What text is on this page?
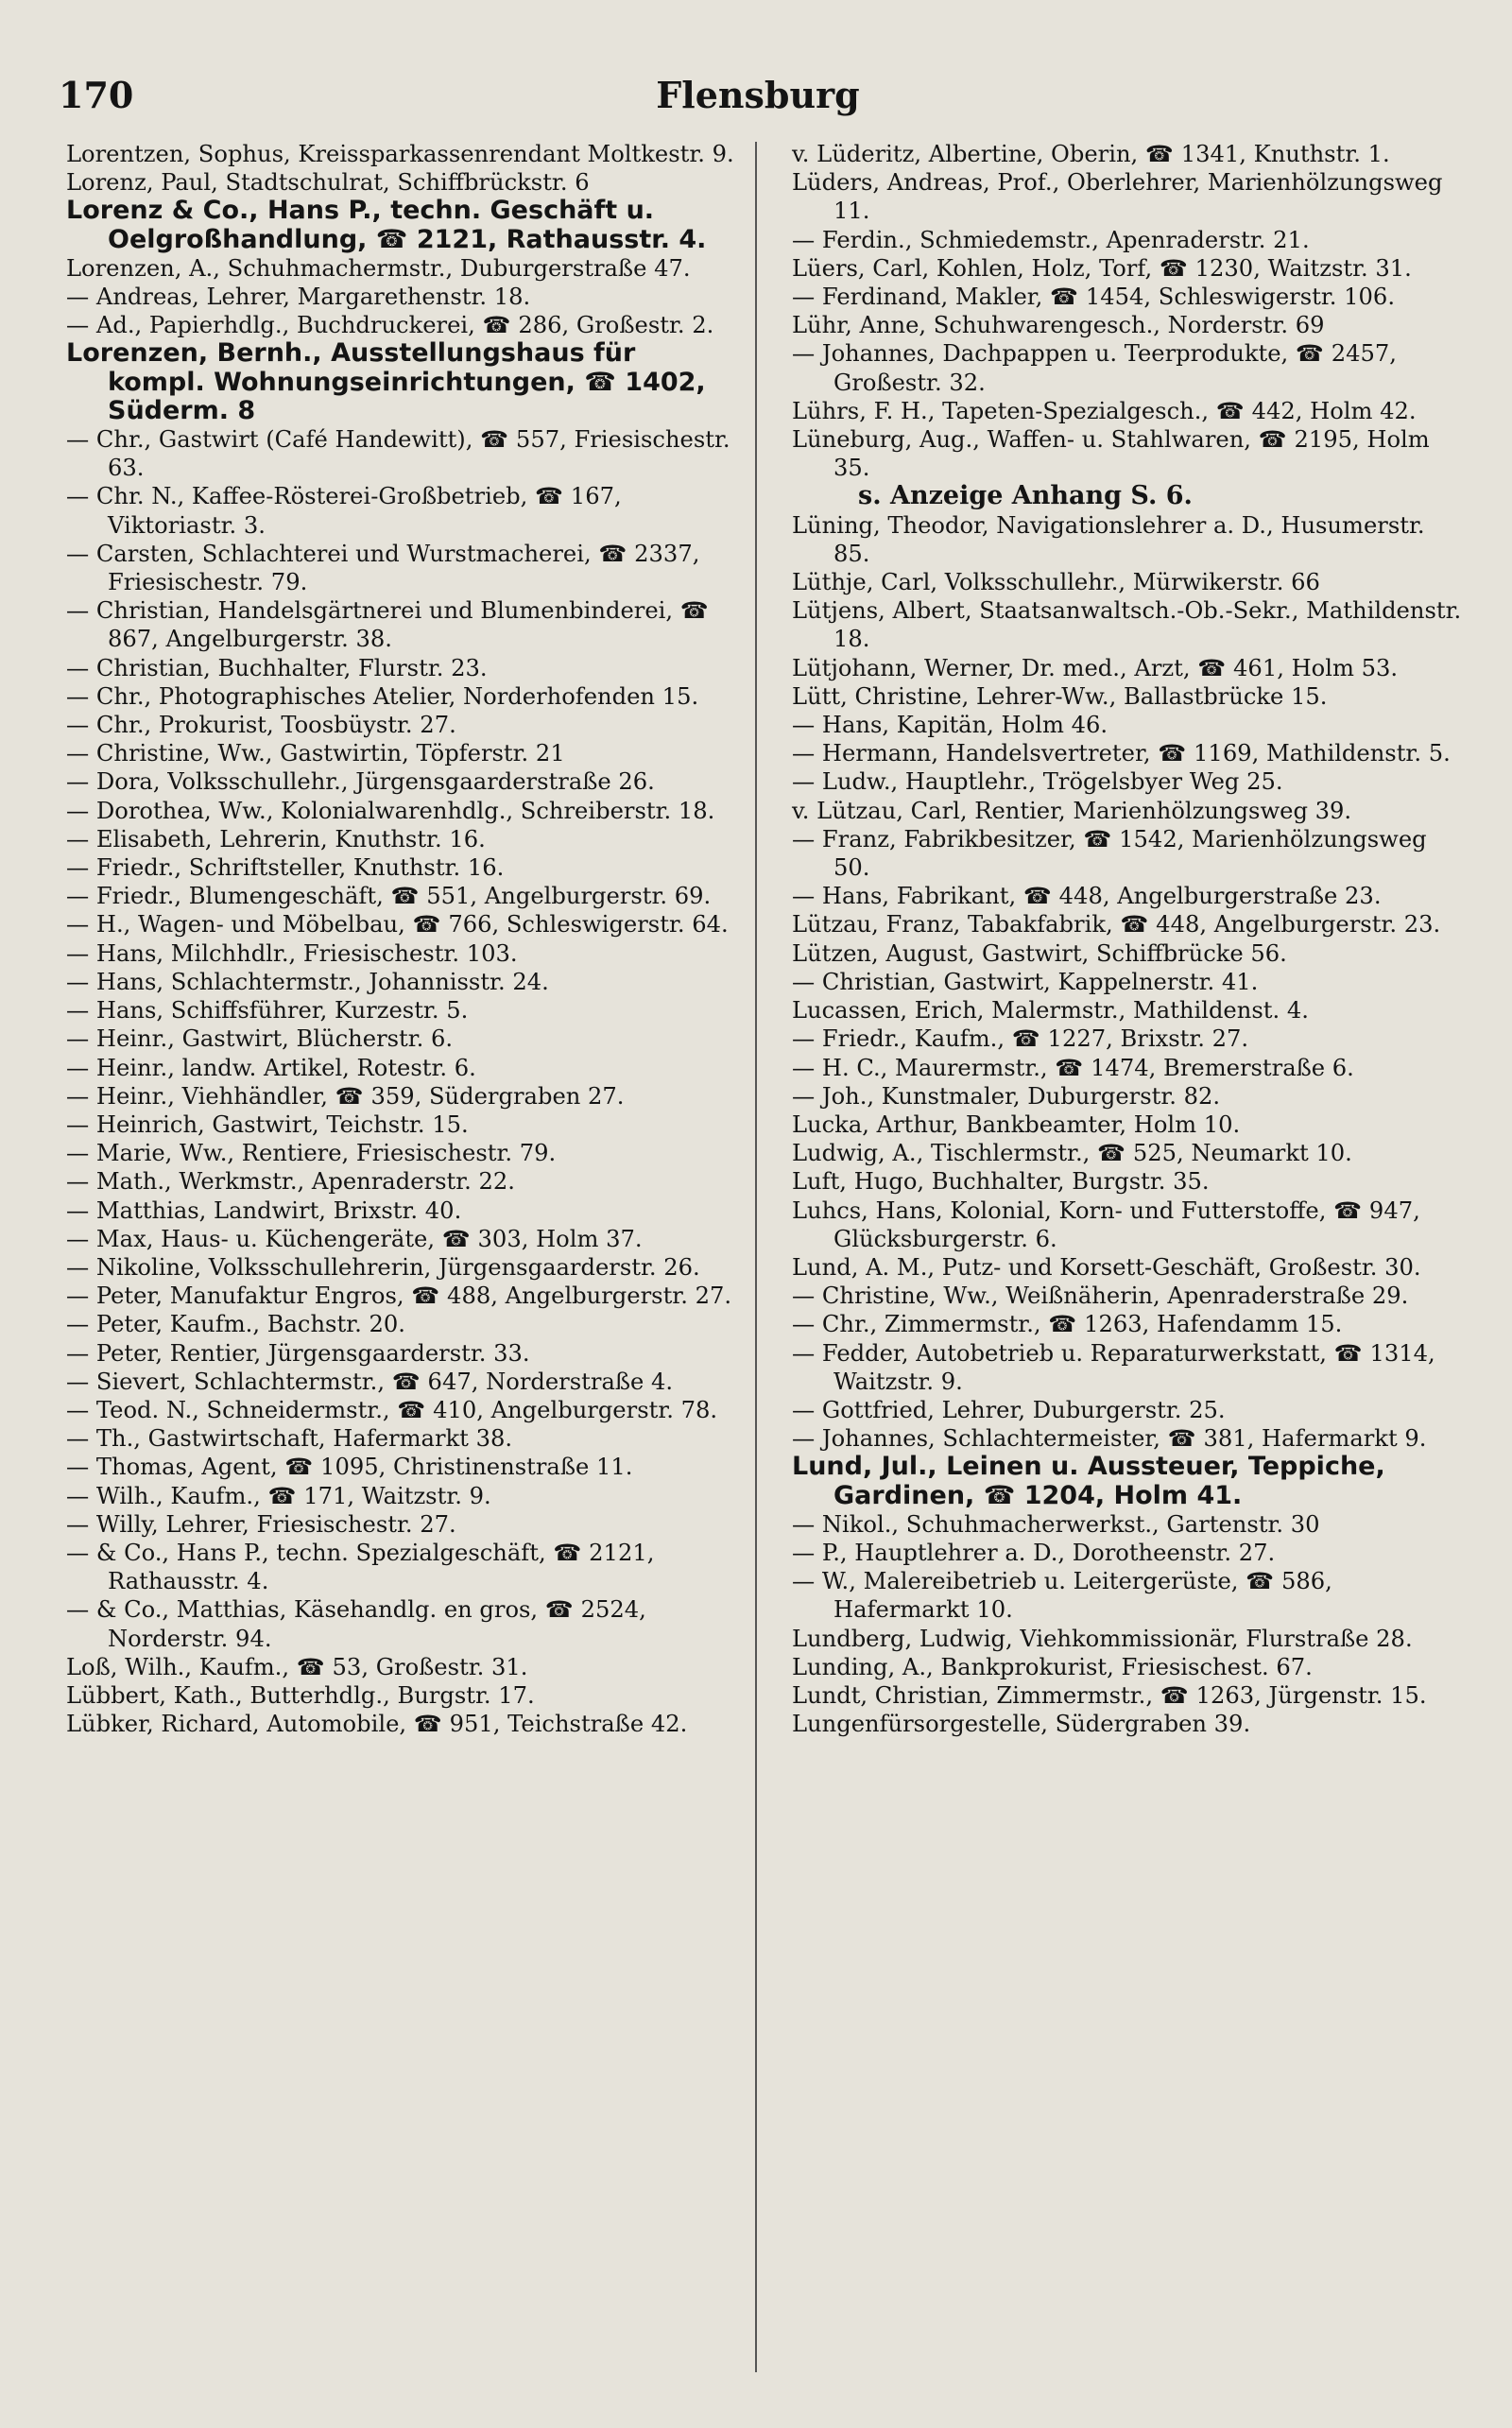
170	Flensburg
Lorentzen, Sophus, Kreissparkassenrendant Moltkestr. 9.
Lorenz, Paul, Stadtschulrat, Schiffbrückstr. 6
Lorenz & Co., Hans P., techn. Geschäft u. Oelgroßhandlung, ☎ 2121, Rathausstr. 4.
Lorenzen, A., Schuhmachermstr., Duburgerstraße 47.
— Andreas, Lehrer, Margarethenstr. 18.
— Ad., Papierhdlg., Buchdruckerei, ☎ 286, Großestr. 2.
Lorenzen, Bernh., Ausstellungshaus für kompl. Wohnungseinrichtungen, ☎ 1402, Süderm. 8
— Chr., Gastwirt (Café Handewitt), ☎ 557, Friesischestr. 63.
— Chr. N., Kaffee-Rösterei-Großbetrieb, ☎ 167, Viktoriastr. 3.
— Carsten, Schlachterei und Wurstmacherei, ☎ 2337, Friesischestr. 79.
— Christian, Handelsgärtnerei und Blumenbinderei, ☎ 867, Angelburgerstr. 38.
— Christian, Buchhalter, Flurstr. 23.
— Chr., Photographisches Atelier, Norderhofenden 15.
— Chr., Prokurist, Toosbüystr. 27.
— Christine, Ww., Gastwirtin, Töpferstr. 21
— Dora, Volksschullehr., Jürgensgaarderstraße 26.
— Dorothea, Ww., Kolonialwarenhdlg., Schreiberstr. 18.
— Elisabeth, Lehrerin, Knuthstr. 16.
— Friedr., Schriftsteller, Knuthstr. 16.
— Friedr., Blumengeschäft, ☎ 551, Angelburgerstr. 69.
— H., Wagen- und Möbelbau, ☎ 766, Schleswigerstr. 64.
— Hans, Milchhdlr., Friesischestr. 103.
— Hans, Schlachtermstr., Johannisstr. 24.
— Hans, Schiffsführer, Kurzestr. 5.
— Heinr., Gastwirt, Blücherstr. 6.
— Heinr., landw. Artikel, Rotestr. 6.
— Heinr., Viehhändler, ☎ 359, Südergraben 27.
— Heinrich, Gastwirt, Teichstr. 15.
— Marie, Ww., Rentiere, Friesischestr. 79.
— Math., Werkmstr., Apenraderstr. 22.
— Matthias, Landwirt, Brixstr. 40.
— Max, Haus- u. Küchengeräte, ☎ 303, Holm 37.
— Nikoline, Volksschullehrerin, Jürgensgaarderstr. 26.
— Peter, Manufaktur Engros, ☎ 488, Angelburgerstr. 27.
— Peter, Kaufm., Bachstr. 20.
— Peter, Rentier, Jürgensgaarderstr. 33.
— Sievert, Schlachtermstr., ☎ 647, Norderstraße 4.
— Teod. N., Schneidermstr., ☎ 410, Angelburgerstr. 78.
— Th., Gastwirtschaft, Hafermarkt 38.
— Thomas, Agent, ☎ 1095, Christinenstraße 11.
— Wilh., Kaufm., ☎ 171, Waitzstr. 9.
— Willy, Lehrer, Friesischestr. 27.
— & Co., Hans P., techn. Spezialgeschäft, ☎ 2121, Rathausstr. 4.
— & Co., Matthias, Käsehandlg. en gros, ☎ 2524, Norderstr. 94.
Loß, Wilh., Kaufm., ☎ 53, Großestr. 31.
Lübbert, Kath., Butterhdlg., Burgstr. 17.
Lübker, Richard, Automobile, ☎ 951, Teichstraße 42.
v. Lüderitz, Albertine, Oberin, ☎ 1341, Knuthstr. 1.
Lüders, Andreas, Prof., Oberlehrer, Marienhölzungsweg 11.
— Ferdin., Schmiedemstr., Apenraderstr. 21.
Lüers, Carl, Kohlen, Holz, Torf, ☎ 1230, Waitzstr. 31.
— Ferdinand, Makler, ☎ 1454, Schleswigerstr. 106.
Lühr, Anne, Schuhwarengesch., Norderstr. 69
— Johannes, Dachpappen u. Teerprodukte, ☎ 2457, Großestr. 32.
Lührs, F. H., Tapeten-Spezialgesch., ☎ 442, Holm 42.
Lüneburg, Aug., Waffen- u. Stahlwaren, ☎ 2195, Holm 35.
s. Anzeige Anhang S. 6.
Lüning, Theodor, Navigationslehrer a. D., Husumerstr. 85.
Lüthje, Carl, Volksschullehr., Mürwikerstr. 66
Lütjens, Albert, Staatsanwaltsch.-Ob.-Sekr., Mathildenstr. 18.
Lütjohann, Werner, Dr. med., Arzt, ☎ 461, Holm 53.
Lütt, Christine, Lehrer-Ww., Ballastbrücke 15.
— Hans, Kapitän, Holm 46.
— Hermann, Handelsvertreter, ☎ 1169, Mathildenstr. 5.
— Ludw., Hauptlehr., Trögelsbyer Weg 25.
v. Lützau, Carl, Rentier, Marienhölzungsweg 39.
— Franz, Fabrikbesitzer, ☎ 1542, Marienhölzungsweg 50.
— Hans, Fabrikant, ☎ 448, Angelburgerstraße 23.
Lützau, Franz, Tabakfabrik, ☎ 448, Angelburgerstr. 23.
Lützen, August, Gastwirt, Schiffbrücke 56.
— Christian, Gastwirt, Kappelnerstr. 41.
Lucassen, Erich, Malermstr., Mathildenst. 4.
— Friedr., Kaufm., ☎ 1227, Brixstr. 27.
— H. C., Maurermstr., ☎ 1474, Bremerstraße 6.
— Joh., Kunstmaler, Duburgerstr. 82.
Lucka, Arthur, Bankbeamter, Holm 10.
Ludwig, A., Tischlermstr., ☎ 525, Neumarkt 10.
Luft, Hugo, Buchhalter, Burgstr. 35.
Luhcs, Hans, Kolonial, Korn- und Futterstoffe, ☎ 947, Glücksburgerstr. 6.
Lund, A. M., Putz- und Korsett-Geschäft, Großestr. 30.
— Christine, Ww., Weißnäherin, Apenraderstraße 29.
— Chr., Zimmermstr., ☎ 1263, Hafendamm 15.
— Fedder, Autobetrieb u. Reparaturwerkstatt, ☎ 1314, Waitzstr. 9.
— Gottfried, Lehrer, Duburgerstr. 25.
— Johannes, Schlachtermeister, ☎ 381, Hafermarkt 9.
Lund, Jul., Leinen u. Aussteuer, Teppiche, Gardinen, ☎ 1204, Holm 41.
— Nikol., Schuhmacherwerkst., Gartenstr. 30
— P., Hauptlehrer a. D., Dorotheenstr. 27.
— W., Malereibetrieb u. Leitergerüste, ☎ 586, Hafermarkt 10.
Lundberg, Ludwig, Viehkommissionär, Flurstraße 28.
Lunding, A., Bankprokurist, Friesischest. 67.
Lundt, Christian, Zimmermstr., ☎ 1263, Jürgenstr. 15.
Lungenfürsorgestelle, Südergraben 39.
